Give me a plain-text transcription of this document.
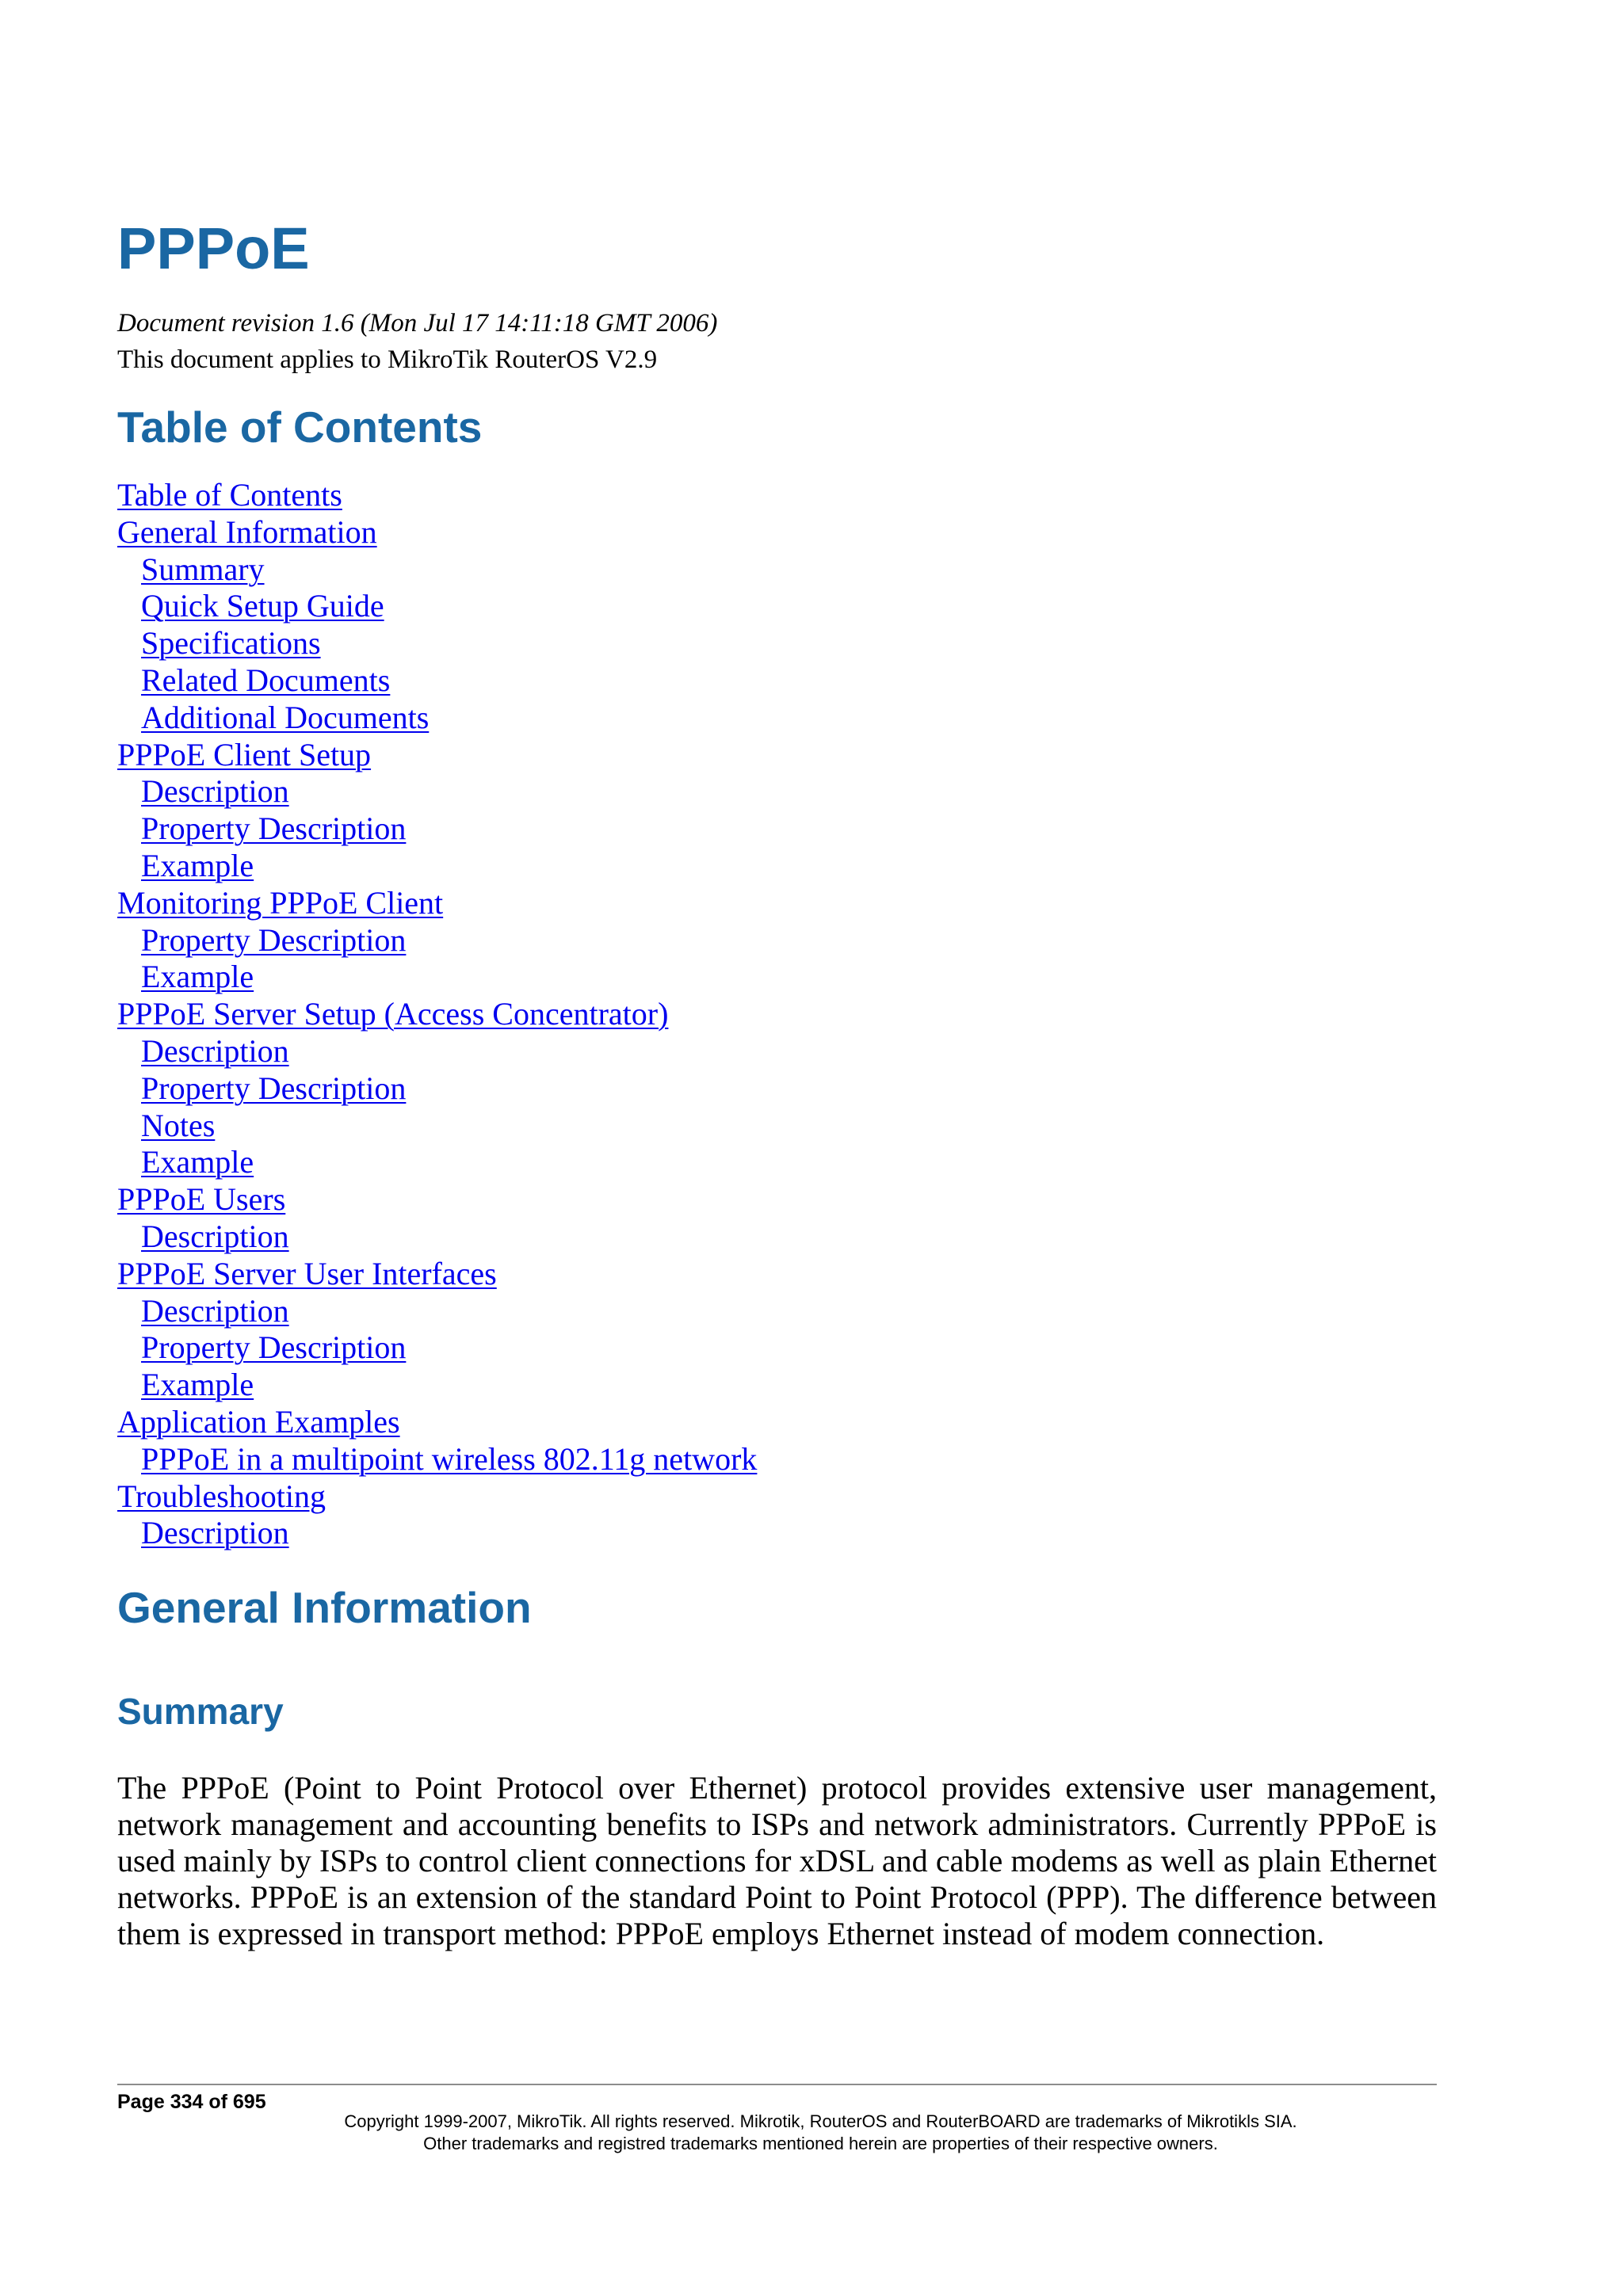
PPPoE

Document revision 1.6 (Mon Jul 17 14:11:18 GMT 2006)

This document applies to MikroTik RouterOS V2.9

Table of Contents
Table of Contents
General Information
Summary
Quick Setup Guide
Specifications
Related Documents
Additional Documents
PPPoE Client Setup
Description
Property Description
Example
Monitoring PPPoE Client
Property Description
Example
PPPoE Server Setup (Access Concentrator)
Description
Property Description
Notes
Example
PPPoE Users
Description
PPPoE Server User Interfaces
Description
Property Description
Example
Application Examples
PPPoE in a multipoint wireless 802.11g network
Troubleshooting
Description
General Information
Summary

The PPPoE (Point to Point Protocol over Ethernet) protocol provides extensive user management, network management and accounting benefits to ISPs and network administrators. Currently PPPoE is used mainly by ISPs to control client connections for xDSL and cable modems as well as plain Ethernet networks. PPPoE is an extension of the standard Point to Point Protocol (PPP). The difference between them is expressed in transport method: PPPoE employs Ethernet instead of modem connection.

Page 334 of 695
Copyright 1999-2007, MikroTik. All rights reserved. Mikrotik, RouterOS and RouterBOARD are trademarks of Mikrotikls SIA.
Other trademarks and registred trademarks mentioned herein are properties of their respective owners.
